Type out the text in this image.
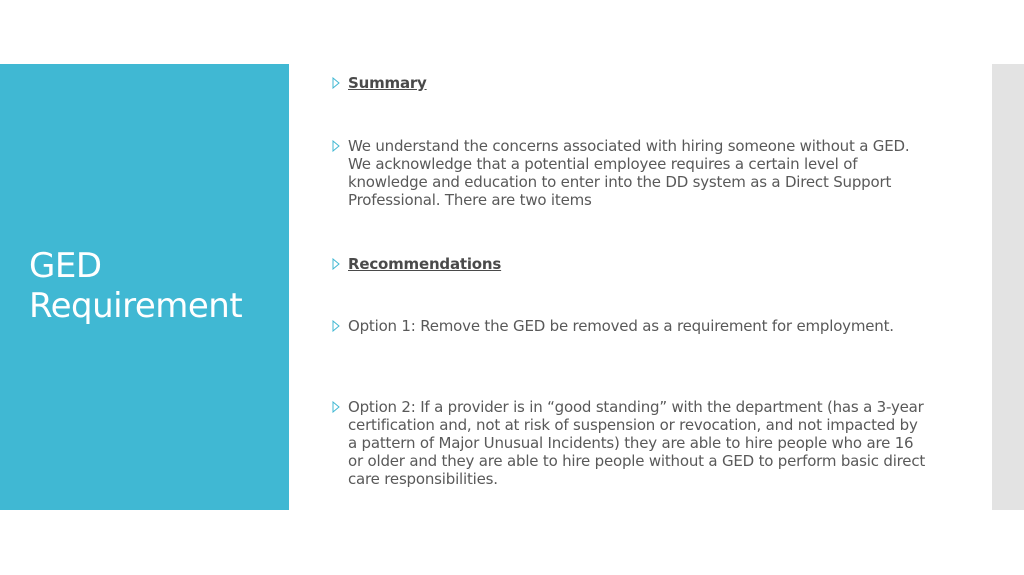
GED
Requirement
Summary
We understand the concerns associated with hiring someone without a GED. We acknowledge that a potential employee requires a certain level of knowledge and education to enter into the DD system as a Direct Support Professional. There are two items
Recommendations
Option 1: Remove the GED be removed as a requirement for employment.
Option 2: If a provider is in “good standing” with the department (has a 3-year certification and, not at risk of suspension or revocation, and not impacted by a pattern of Major Unusual Incidents) they are able to hire people who are 16 or older and they are able to hire people without a GED to perform basic direct care responsibilities.
